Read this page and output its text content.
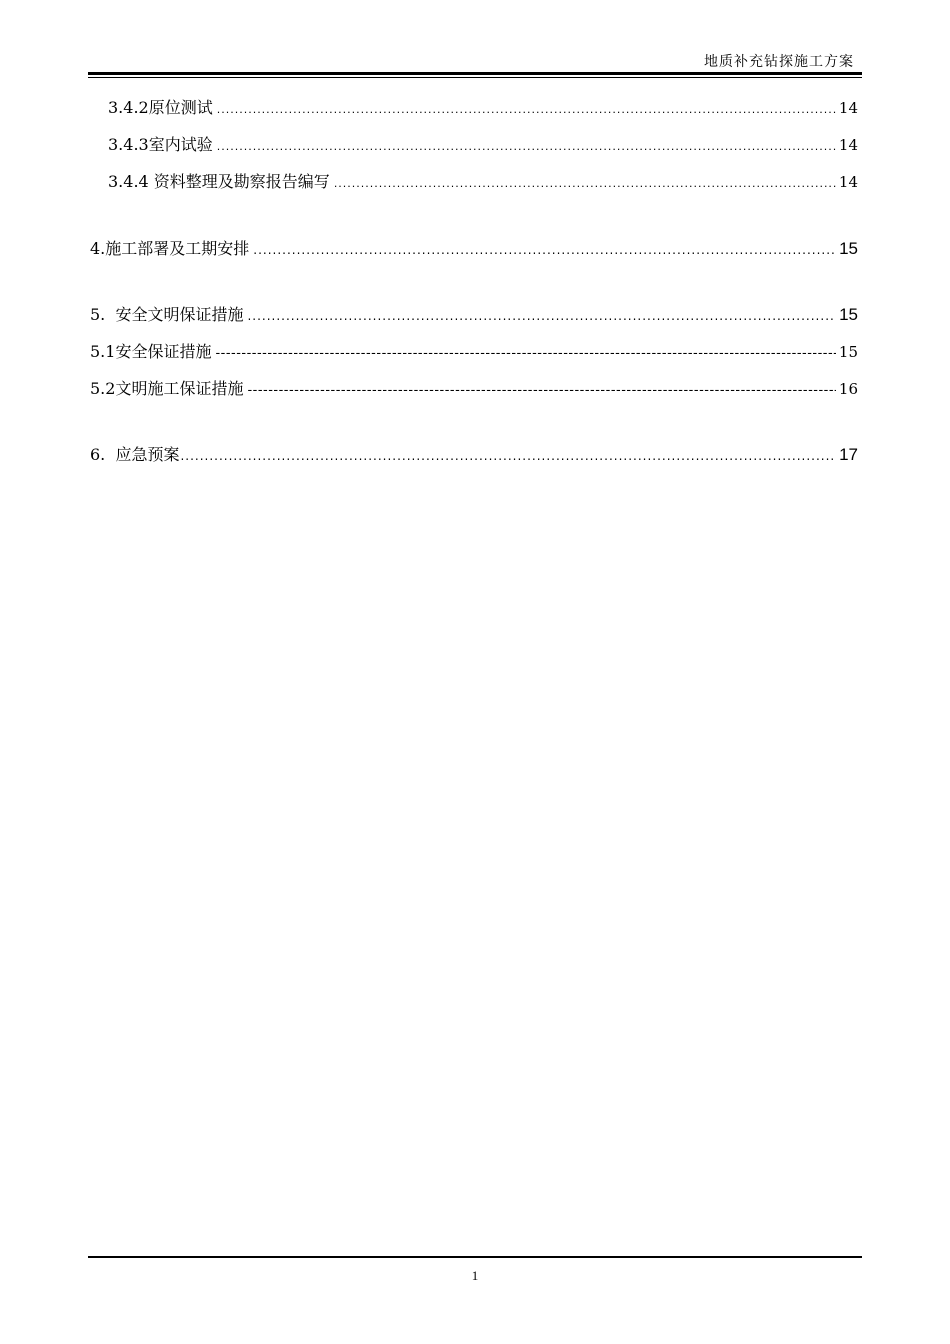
地质补充钻探施工方案
3.4.2原位测试 .....	14
3.4.3室内试验 .....	14
3.4.4 资料整理及勘察报告编写 .....	14
4.施工部署及工期安排 .....	15
5.  安全文明保证措施 .....	15
5.1安全保证措施 -----	15
5.2文明施工保证措施 -----	16
6.  应急预案 .....	17
1
